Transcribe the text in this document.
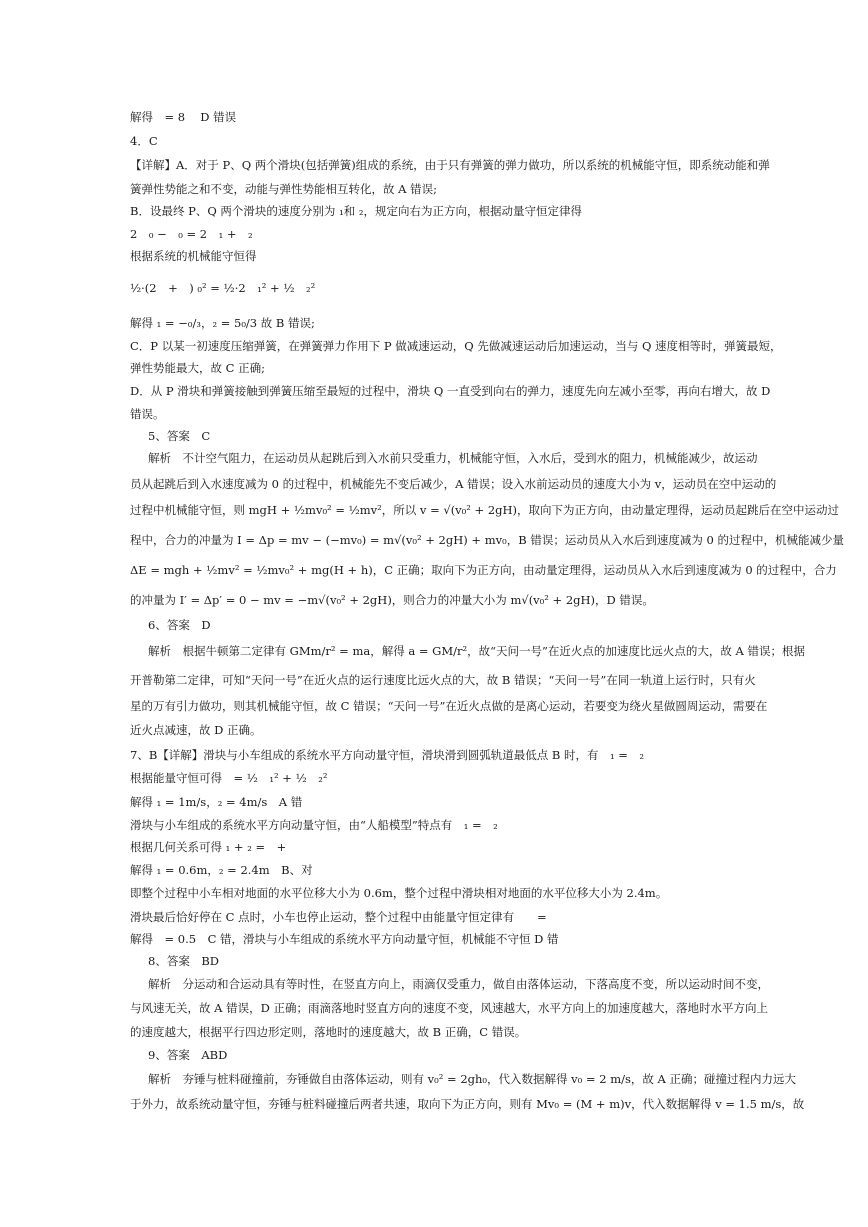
解得　= 8　 D 错误
4．C
【详解】A．对于 P、Q 两个滑块(包括弹簧)组成的系统，由于只有弹簧的弹力做功，所以系统的机械能守恒，即系统动能和弹
簧弹性势能之和不变，动能与弹性势能相互转化，故 A 错误;
B．设最终 P、Q 两个滑块的速度分别为 ₁和 ₂，规定向右为正方向，根据动量守恒定律得
2　₀ −　₀ = 2　₁ +　₂
根据系统的机械能守恒得
½·(2　+　) ₀² = ½·2　₁² + ½　₂²
解得 ₁ = −₀/₃，₂ = 5₀/3 故 B 错误;
C．P 以某一初速度压缩弹簧，在弹簧弹力作用下 P 做减速运动，Q 先做减速运动后加速运动，当与 Q 速度相等时，弹簧最短，
弹性势能最大，故 C 正确;
D．从 P 滑块和弹簧接触到弹簧压缩至最短的过程中，滑块 Q 一直受到向右的弹力，速度先向左减小至零，再向右增大，故 D
错误。
5、答案　C
解析　不计空气阻力，在运动员从起跳后到入水前只受重力，机械能守恒，入水后，受到水的阻力，机械能减少，故运动
员从起跳后到入水速度减为 0 的过程中，机械能先不变后减少，A 错误；设入水前运动员的速度大小为 v，运动员在空中运动的
过程中机械能守恒，则 mgH + ½mv₀² = ½mv²，所以 v = √(v₀² + 2gH)，取向下为正方向，由动量定理得，运动员起跳后在空中运动过
程中，合力的冲量为 I = Δp = mv − (−mv₀) = m√(v₀² + 2gH) + mv₀，B 错误；运动员从入水后到速度减为 0 的过程中，机械能减少量
ΔE = mgh + ½mv² = ½mv₀² + mg(H + h)，C 正确；取向下为正方向，由动量定理得，运动员从入水后到速度减为 0 的过程中，合力
的冲量为 I′ = Δp′ = 0 − mv = −m√(v₀² + 2gH)，则合力的冲量大小为 m√(v₀² + 2gH)，D 错误。
6、答案　D
解析　根据牛顿第二定律有 GMm/r² = ma，解得 a = GM/r²，故“天问一号”在近火点的加速度比远火点的大，故 A 错误；根据
开普勒第二定律，可知“天问一号”在近火点的运行速度比远火点的大，故 B 错误；“天问一号”在同一轨道上运行时，只有火
星的万有引力做功，则其机械能守恒，故 C 错误；“天问一号”在近火点做的是离心运动，若要变为绕火星做圆周运动，需要在
近火点减速，故 D 正确。
7、B【详解】滑块与小车组成的系统水平方向动量守恒，滑块滑到圆弧轨道最低点 B 时，有　₁ =　₂
根据能量守恒可得　= ½　₁² + ½　₂²
解得 ₁ = 1m/s，₂ = 4m/s　A 错
滑块与小车组成的系统水平方向动量守恒，由“人船模型”特点有　₁ =　₂
根据几何关系可得 ₁ + ₂ =　+
解得 ₁ = 0.6m，₂ = 2.4m　B、对
即整个过程中小车相对地面的水平位移大小为 0.6m，整个过程中滑块相对地面的水平位移大小为 2.4m。
滑块最后恰好停在 C 点时，小车也停止运动，整个过程中由能量守恒定律有　　=
解得　= 0.5　C 错，滑块与小车组成的系统水平方向动量守恒，机械能不守恒 D 错
8、答案　BD
解析　分运动和合运动具有等时性，在竖直方向上，雨滴仅受重力，做自由落体运动，下落高度不变，所以运动时间不变，
与风速无关，故 A 错误，D 正确；雨滴落地时竖直方向的速度不变，风速越大，水平方向上的加速度越大，落地时水平方向上
的速度越大，根据平行四边形定则，落地时的速度越大，故 B 正确，C 错误。
9、答案　ABD
解析　夯锤与桩料碰撞前，夯锤做自由落体运动，则有 v₀² = 2gh₀，代入数据解得 v₀ = 2 m/s，故 A 正确；碰撞过程内力远大
于外力，故系统动量守恒，夯锤与桩料碰撞后两者共速，取向下为正方向，则有 Mv₀ = (M + m)v，代入数据解得 v = 1.5 m/s，故
